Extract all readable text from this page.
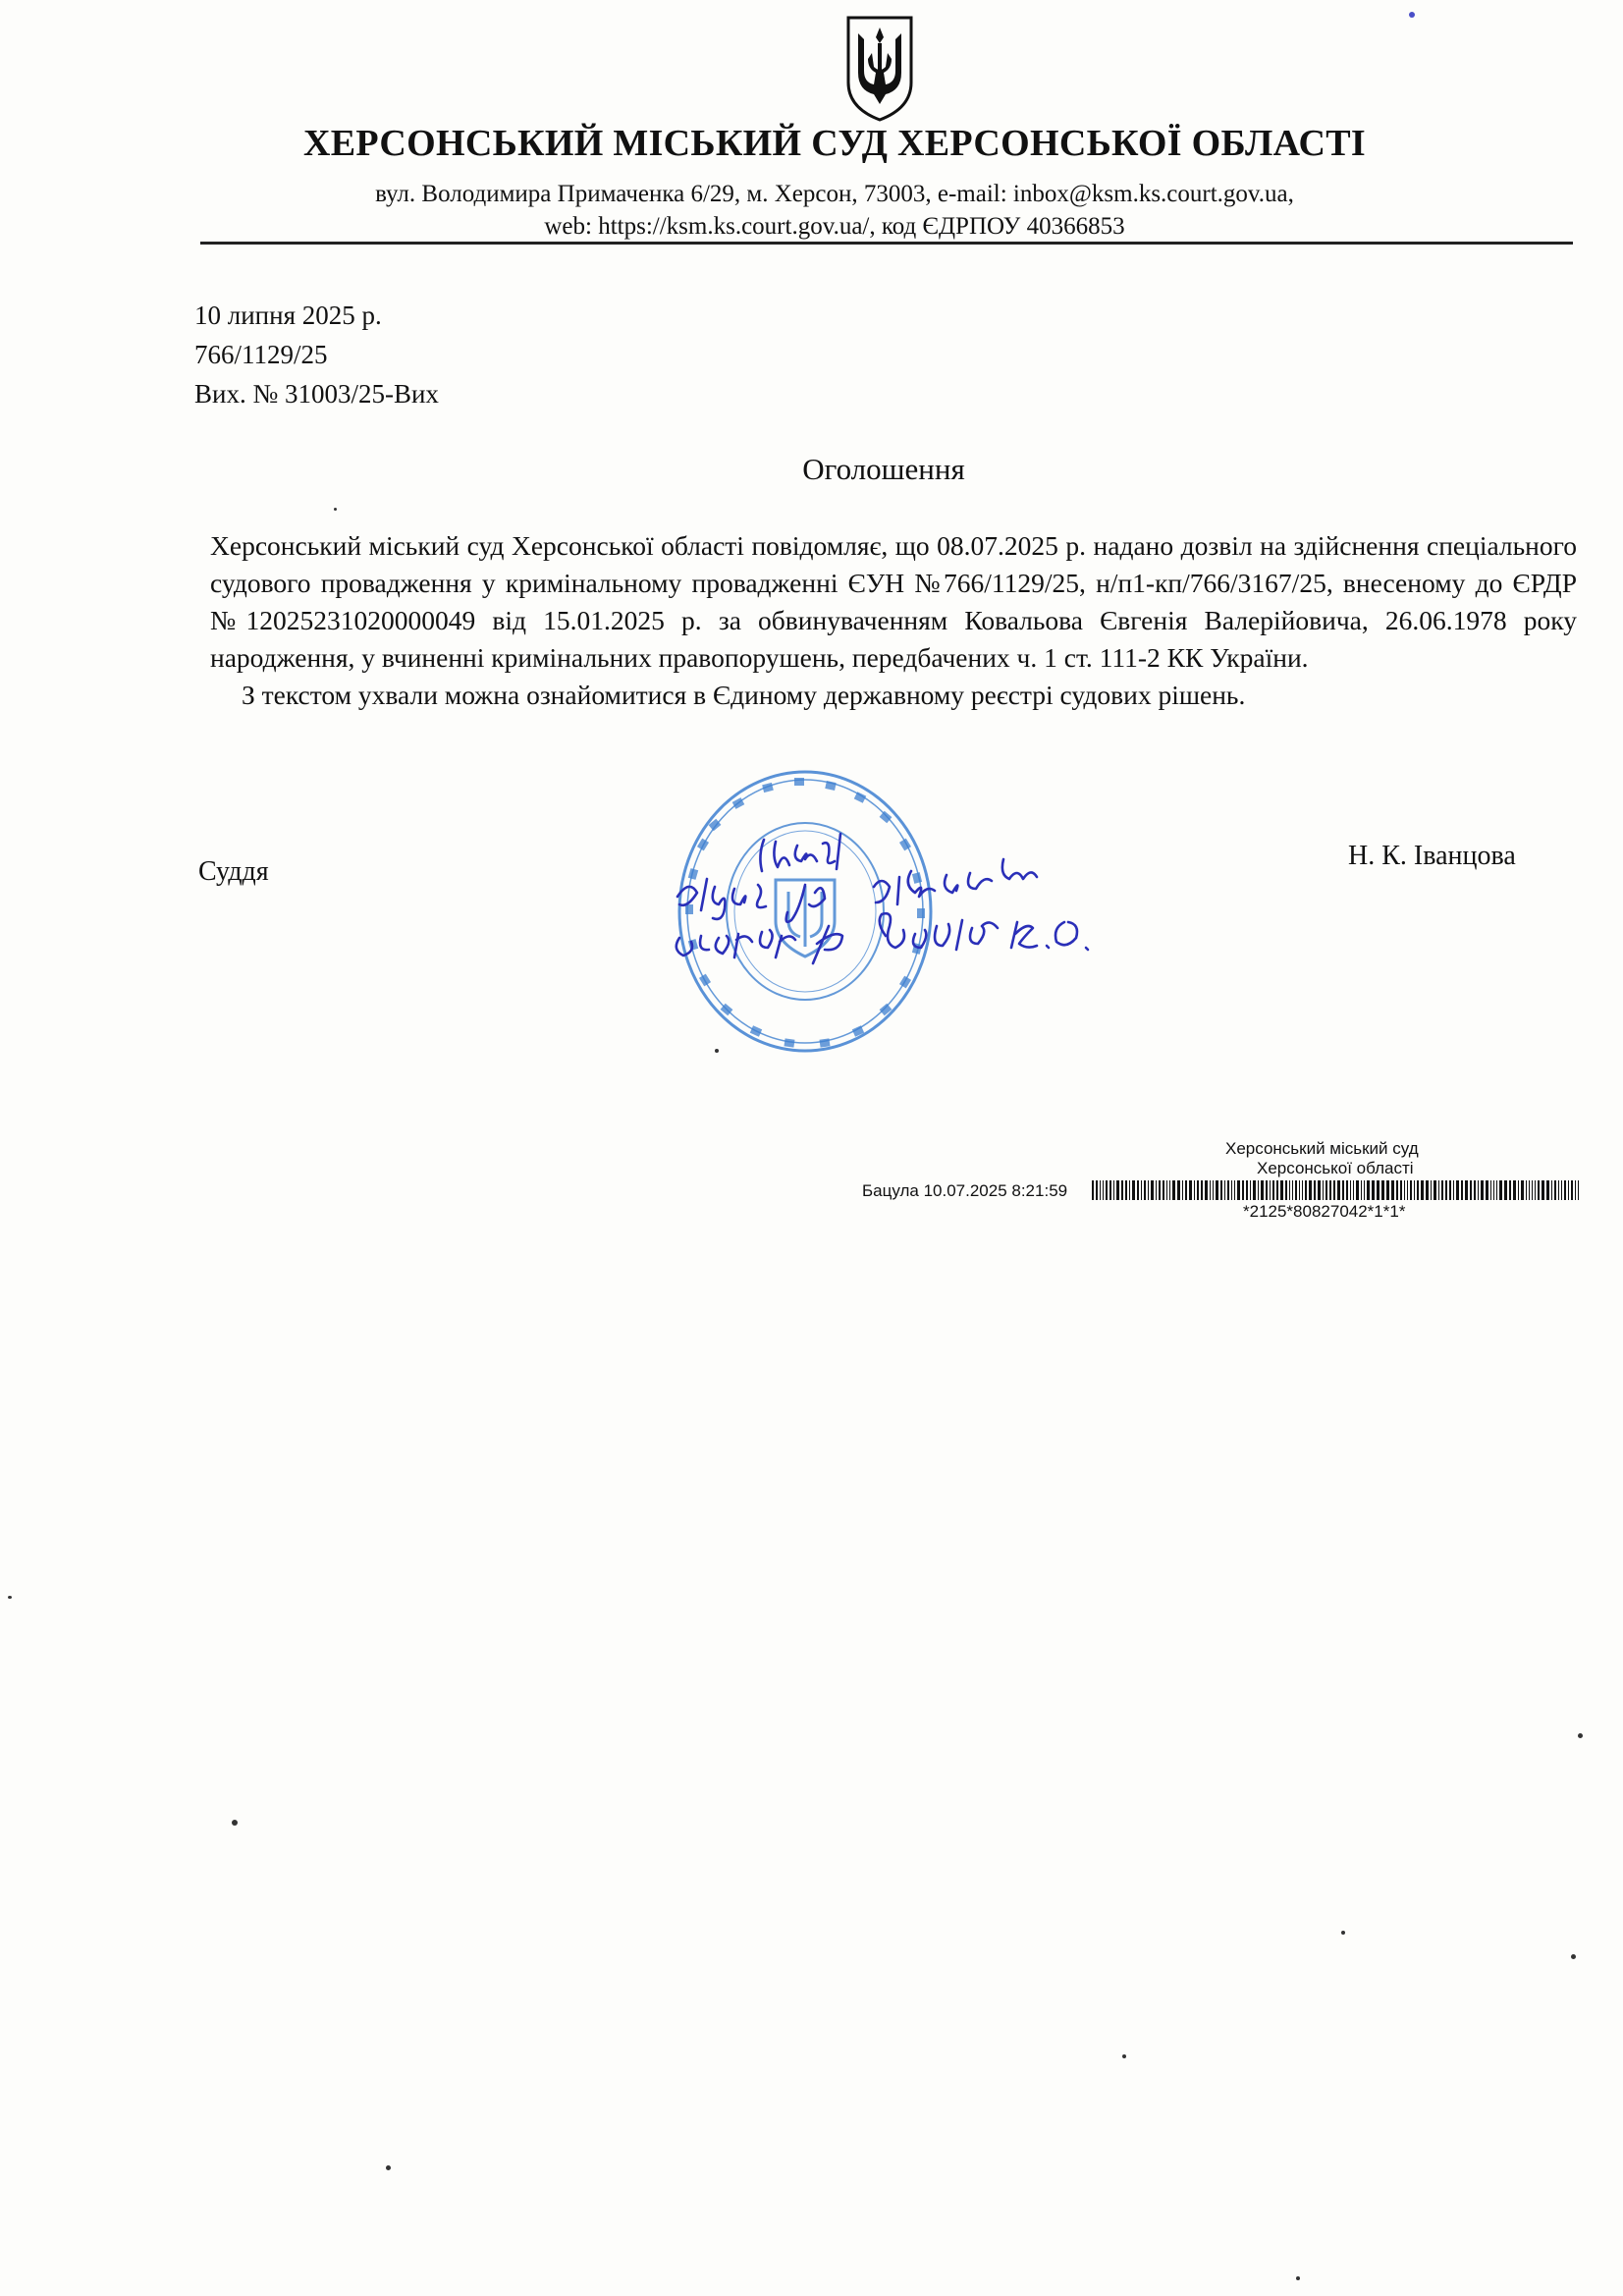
ХЕРСОНСЬКИЙ МІСЬКИЙ СУД ХЕРСОНСЬКОЇ ОБЛАСТІ
вул. Володимира Примаченка 6/29, м. Херсон, 73003, e-mail: inbox@ksm.ks.court.gov.ua,
web: https://ksm.ks.court.gov.ua/, код ЄДРПОУ 40366853
10 липня 2025 р.
766/1129/25
Вих. № 31003/25-Вих
Оголошення

Херсонський міський суд Херсонської області повідомляє, що 08.07.2025 р. надано дозвіл на здійснення спеціального судового провадження у кримінальному провадженні ЄУН №766/1129/25, н/п1-кп/766/3167/25, внесеному до ЄРДР №12025231020000049 від 15.01.2025 р. за обвинуваченням Ковальова Євгенія Валерійовича, 26.06.1978 року народження, у вчиненні кримінальних правопорушень, передбачених ч. 1 ст. 111-2 КК України.

З текстом ухвали можна ознайомитися в Єдиному державному реєстрі судових рішень.

Суддя
Н. К. Іванцова
Херсонський міський суд
Херсонської області
Бацула 10.07.2025 8:21:59
*2125*80827042*1*1*
